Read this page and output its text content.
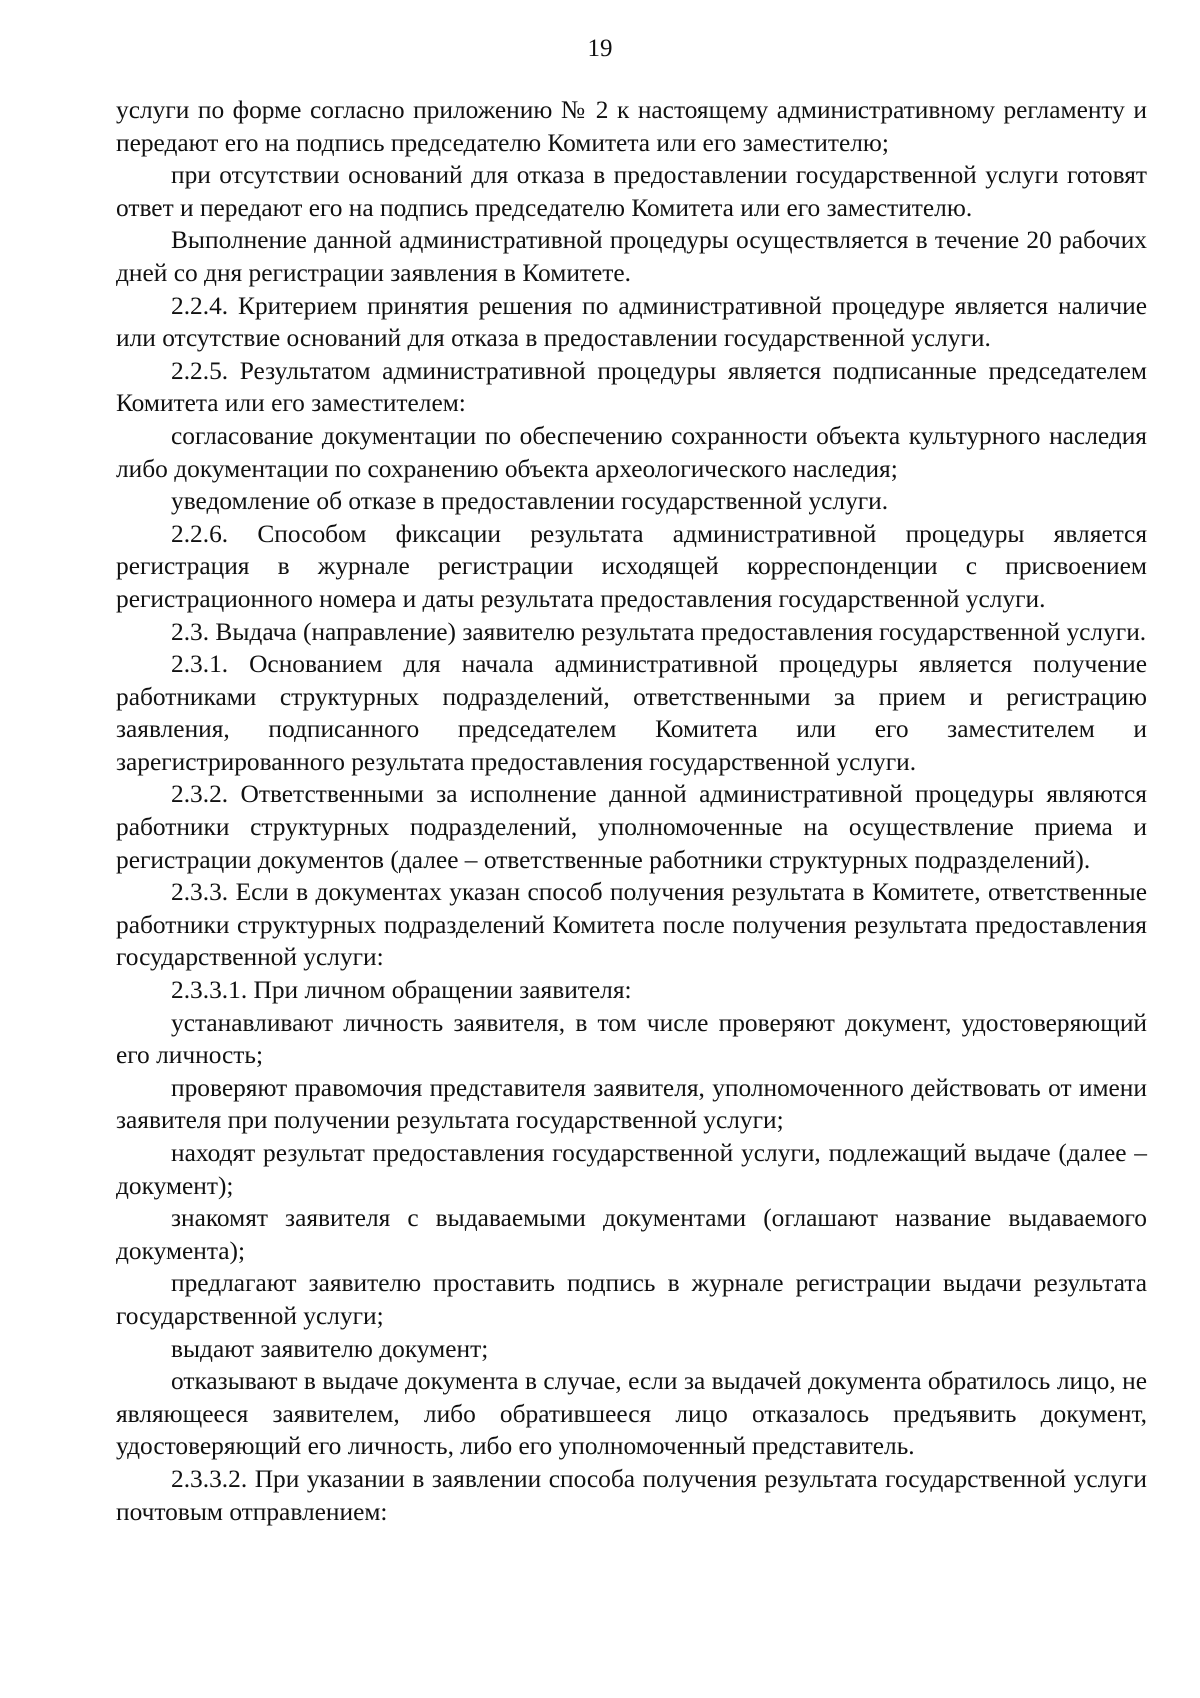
19

услуги по форме согласно приложению № 2 к настоящему административному регламенту и передают его на подпись председателю Комитета или его заместителю;

при отсутствии оснований для отказа в предоставлении государственной услуги готовят ответ и передают его на подпись председателю Комитета или его заместителю.

Выполнение данной административной процедуры осуществляется в течение 20 рабочих дней со дня регистрации заявления в Комитете.

2.2.4. Критерием принятия решения по административной процедуре является наличие или отсутствие оснований для отказа в предоставлении государственной услуги.

2.2.5. Результатом административной процедуры является подписанные председателем Комитета или его заместителем:

согласование документации по обеспечению сохранности объекта культурного наследия либо документации по сохранению объекта археологического наследия;

уведомление об отказе в предоставлении государственной услуги.

2.2.6. Способом фиксации результата административной процедуры является регистрация в журнале регистрации исходящей корреспонденции с присвоением регистрационного номера и даты результата предоставления государственной услуги.

2.3. Выдача (направление) заявителю результата предоставления государственной услуги.

2.3.1. Основанием для начала административной процедуры является получение работниками структурных подразделений, ответственными за прием и регистрацию заявления, подписанного председателем Комитета или его заместителем и зарегистрированного результата предоставления государственной услуги.

2.3.2. Ответственными за исполнение данной административной процедуры являются работники структурных подразделений, уполномоченные на осуществление приема и регистрации документов (далее – ответственные работники структурных подразделений).

2.3.3. Если в документах указан способ получения результата в Комитете, ответственные работники структурных подразделений Комитета после получения результата предоставления государственной услуги:

2.3.3.1. При личном обращении заявителя:

устанавливают личность заявителя, в том числе проверяют документ, удостоверяющий его личность;

проверяют правомочия представителя заявителя, уполномоченного действовать от имени заявителя при получении результата государственной услуги;

находят результат предоставления государственной услуги, подлежащий выдаче (далее – документ);

знакомят заявителя с выдаваемыми документами (оглашают название выдаваемого документа);

предлагают заявителю проставить подпись в журнале регистрации выдачи результата государственной услуги;

выдают заявителю документ;

отказывают в выдаче документа в случае, если за выдачей документа обратилось лицо, не являющееся заявителем, либо обратившееся лицо отказалось предъявить документ, удостоверяющий его личность, либо его уполномоченный представитель.

2.3.3.2. При указании в заявлении способа получения результата государственной услуги почтовым отправлением:
